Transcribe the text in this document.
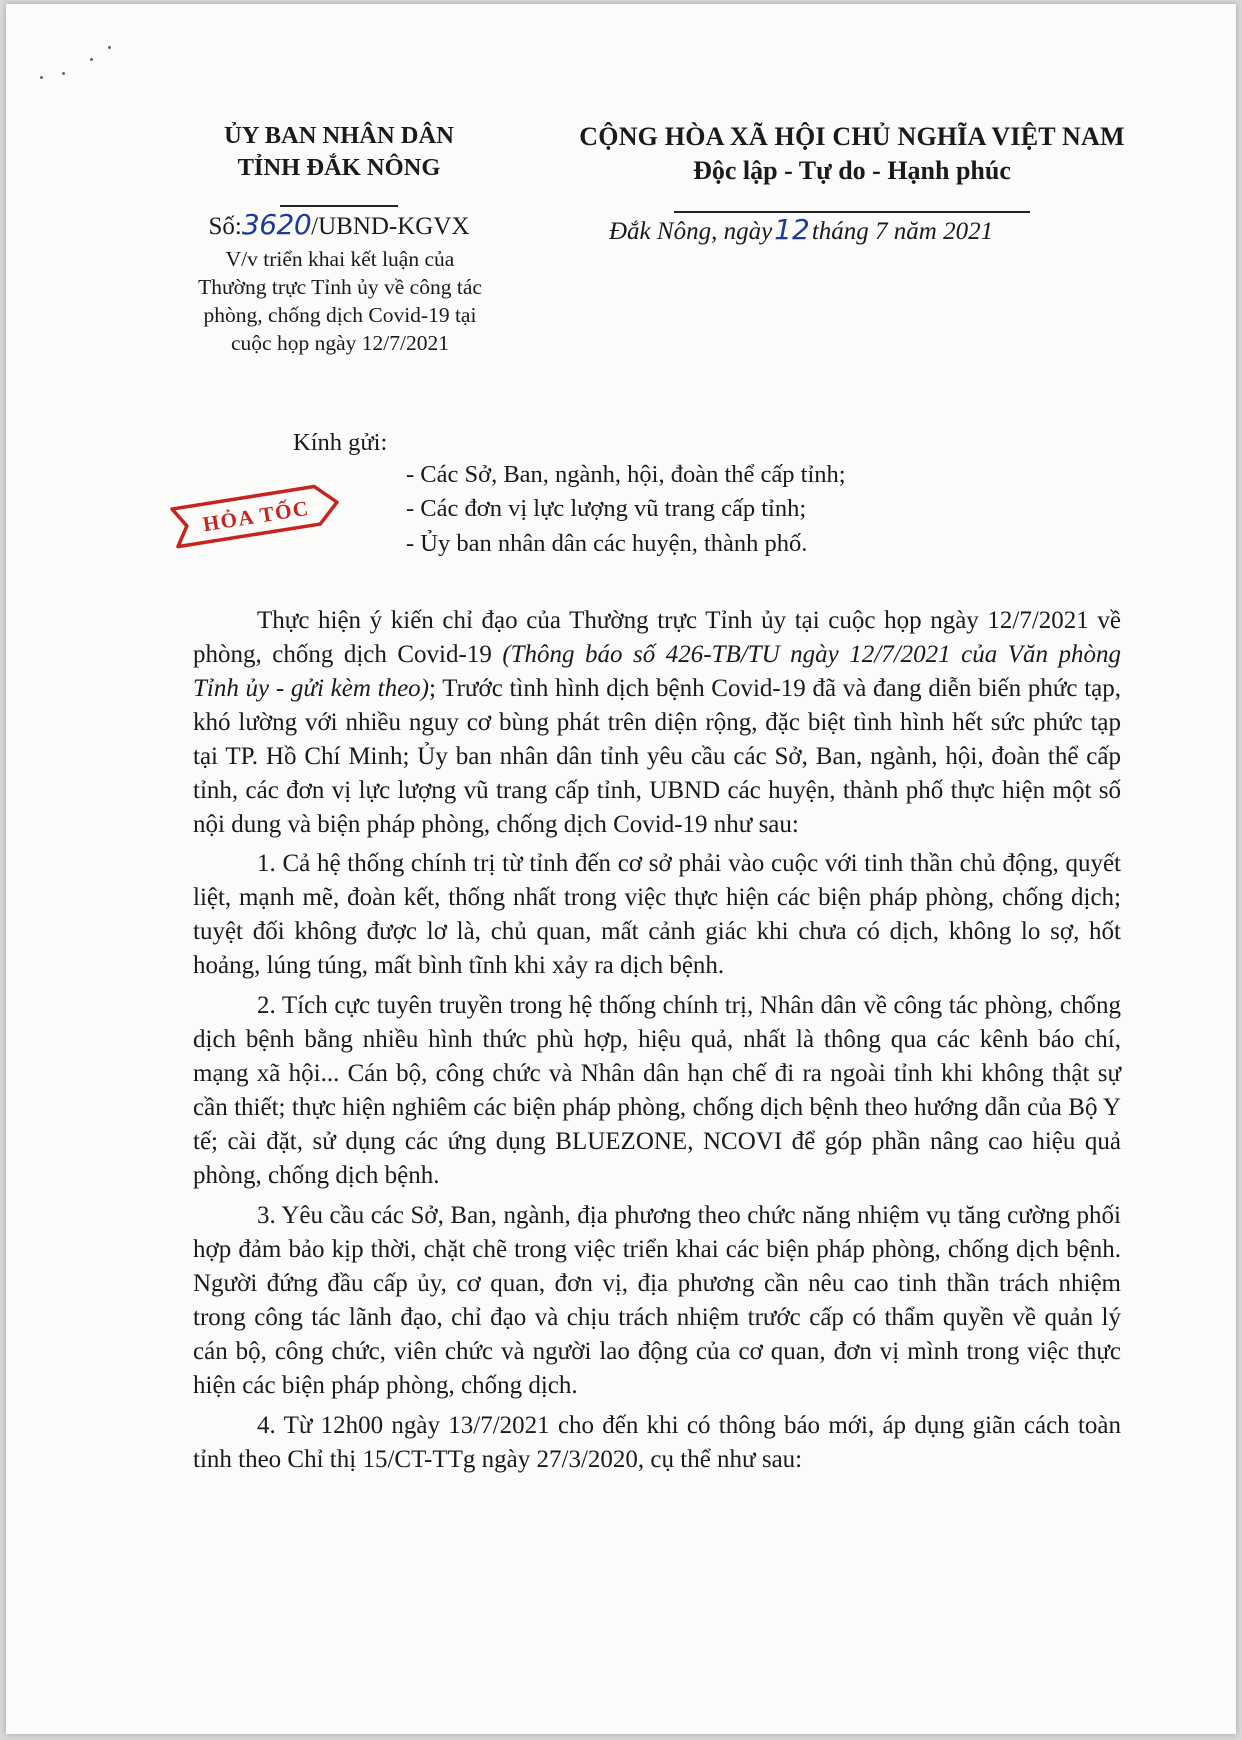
ỦY BAN NHÂN DÂN
TỈNH ĐẮK NÔNG
CỘNG HÒA XÃ HỘI CHỦ NGHĨA VIỆT NAM
Độc lập - Tự do - Hạnh phúc
Số:3620/UBND-KGVX
V/v triển khai kết luận của
Thường trực Tỉnh ủy về công tác
phòng, chống dịch Covid-19 tại
cuộc họp ngày 12/7/2021
Đắk Nông, ngày12tháng 7 năm 2021
Kính gửi:
- Các Sở, Ban, ngành, hội, đoàn thể cấp tỉnh;
- Các đơn vị lực lượng vũ trang cấp tỉnh;
- Ủy ban nhân dân các huyện, thành phố.
HỎA TỐC

Thực hiện ý kiến chỉ đạo của Thường trực Tỉnh ủy tại cuộc họp ngày 12/7/2021 về phòng, chống dịch Covid-19 (Thông báo số 426-TB/TU ngày 12/7/2021 của Văn phòng Tỉnh ủy - gửi kèm theo); Trước tình hình dịch bệnh Covid-19 đã và đang diễn biến phức tạp, khó lường với nhiều nguy cơ bùng phát trên diện rộng, đặc biệt tình hình hết sức phức tạp tại TP. Hồ Chí Minh; Ủy ban nhân dân tỉnh yêu cầu các Sở, Ban, ngành, hội, đoàn thể cấp tỉnh, các đơn vị lực lượng vũ trang cấp tỉnh, UBND các huyện, thành phố thực hiện một số nội dung và biện pháp phòng, chống dịch Covid-19 như sau:

1. Cả hệ thống chính trị từ tỉnh đến cơ sở phải vào cuộc với tinh thần chủ động, quyết liệt, mạnh mẽ, đoàn kết, thống nhất trong việc thực hiện các biện pháp phòng, chống dịch; tuyệt đối không được lơ là, chủ quan, mất cảnh giác khi chưa có dịch, không lo sợ, hốt hoảng, lúng túng, mất bình tĩnh khi xảy ra dịch bệnh.

2. Tích cực tuyên truyền trong hệ thống chính trị, Nhân dân về công tác phòng, chống dịch bệnh bằng nhiều hình thức phù hợp, hiệu quả, nhất là thông qua các kênh báo chí, mạng xã hội... Cán bộ, công chức và Nhân dân hạn chế đi ra ngoài tỉnh khi không thật sự cần thiết; thực hiện nghiêm các biện pháp phòng, chống dịch bệnh theo hướng dẫn của Bộ Y tế; cài đặt, sử dụng các ứng dụng BLUEZONE, NCOVI để góp phần nâng cao hiệu quả phòng, chống dịch bệnh.

3. Yêu cầu các Sở, Ban, ngành, địa phương theo chức năng nhiệm vụ tăng cường phối hợp đảm bảo kịp thời, chặt chẽ trong việc triển khai các biện pháp phòng, chống dịch bệnh. Người đứng đầu cấp ủy, cơ quan, đơn vị, địa phương cần nêu cao tinh thần trách nhiệm trong công tác lãnh đạo, chỉ đạo và chịu trách nhiệm trước cấp có thẩm quyền về quản lý cán bộ, công chức, viên chức và người lao động của cơ quan, đơn vị mình trong việc thực hiện các biện pháp phòng, chống dịch.

4. Từ 12h00 ngày 13/7/2021 cho đến khi có thông báo mới, áp dụng giãn cách toàn tỉnh theo Chỉ thị 15/CT-TTg ngày 27/3/2020, cụ thể như sau:
